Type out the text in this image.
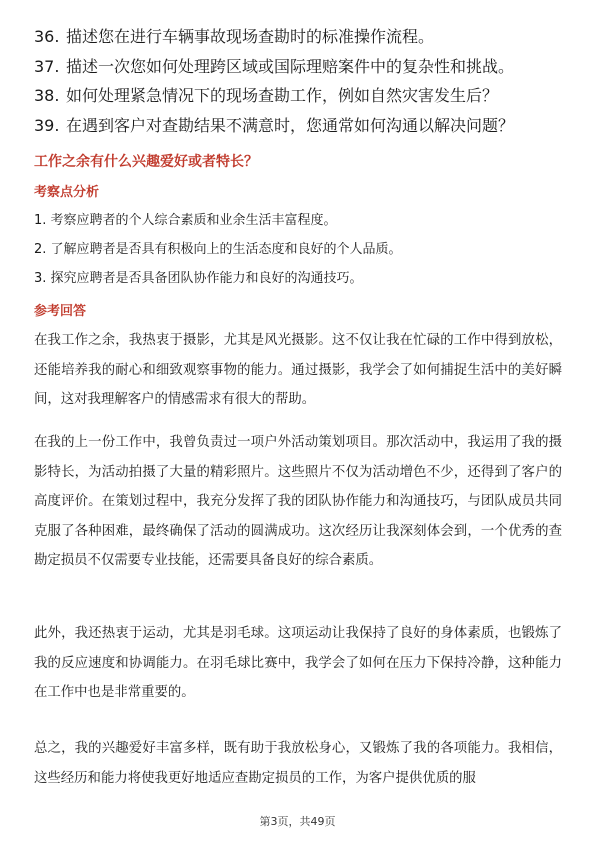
36. 描述您在进行车辆事故现场查勘时的标准操作流程。
37. 描述一次您如何处理跨区域或国际理赔案件中的复杂性和挑战。
38. 如何处理紧急情况下的现场查勘工作，例如自然灾害发生后？
39. 在遇到客户对查勘结果不满意时，您通常如何沟通以解决问题？
工作之余有什么兴趣爱好或者特长？
考察点分析
1. 考察应聘者的个人综合素质和业余生活丰富程度。
2. 了解应聘者是否具有积极向上的生活态度和良好的个人品质。
3. 探究应聘者是否具备团队协作能力和良好的沟通技巧。
参考回答
在我工作之余，我热衷于摄影，尤其是风光摄影。这不仅让我在忙碌的工作中得到放松，还能培养我的耐心和细致观察事物的能力。通过摄影，我学会了如何捕捉生活中的美好瞬间，这对我理解客户的情感需求有很大的帮助。
在我的上一份工作中，我曾负责过一项户外活动策划项目。那次活动中，我运用了我的摄影特长，为活动拍摄了大量的精彩照片。这些照片不仅为活动增色不少，还得到了客户的高度评价。在策划过程中，我充分发挥了我的团队协作能力和沟通技巧，与团队成员共同克服了各种困难，最终确保了活动的圆满成功。这次经历让我深刻体会到，一个优秀的查勘定损员不仅需要专业技能，还需要具备良好的综合素质。
此外，我还热衷于运动，尤其是羽毛球。这项运动让我保持了良好的身体素质，也锻炼了我的反应速度和协调能力。在羽毛球比赛中，我学会了如何在压力下保持冷静，这种能力在工作中也是非常重要的。
总之，我的兴趣爱好丰富多样，既有助于我放松身心，又锻炼了我的各项能力。我相信，这些经历和能力将使我更好地适应查勘定损员的工作，为客户提供优质的服
第3页，共49页
